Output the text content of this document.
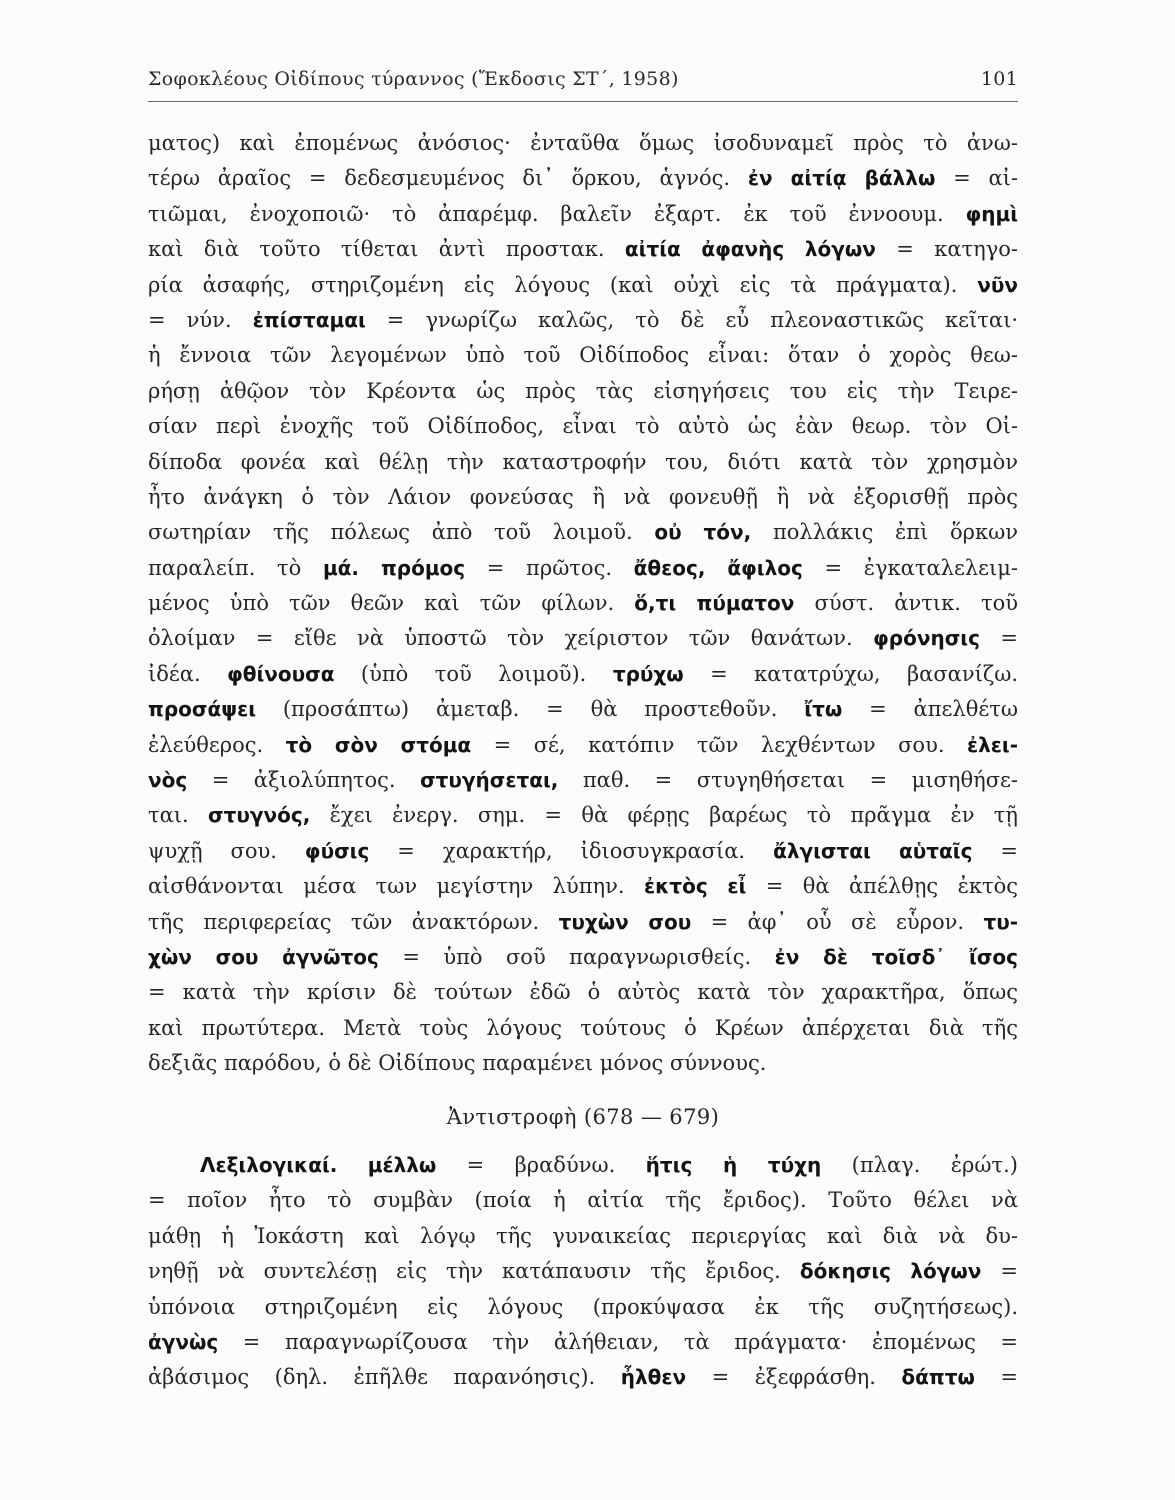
Σοφοκλέους Οἰδίπους τύραννος (Ἔκδοσις ΣΤ΄, 1958)	101
ματος) καὶ ἐπομένως ἀνόσιος· ἐνταῦθα ὅμως ἰσοδυναμεῖ πρὸς τὸ ἀνω-
τέρω ἀραῖος = δεδεσμευμένος δι᾿ ὅρκου, ἁγνός. ἐν αἰτίᾳ βάλλω = αἰ-
τιῶμαι, ἐνοχοποιῶ· τὸ ἀπαρέμφ. βαλεῖν ἐξαρτ. ἐκ τοῦ ἐννοουμ. φημὶ
καὶ διὰ τοῦτο τίθεται ἀντὶ προστακ. αἰτία ἀφανὴς λόγων = κατηγο-
ρία ἀσαφής, στηριζομένη εἰς λόγους (καὶ οὐχὶ εἰς τὰ πράγματα). νῦν
= νύν. ἐπίσταμαι = γνωρίζω καλῶς, τὸ δὲ εὖ πλεοναστικῶς κεῖται·
ἡ ἔννοια τῶν λεγομένων ὑπὸ τοῦ Οἰδίποδος εἶναι: ὅταν ὁ χορὸς θεω-
ρήσῃ ἀθῷον τὸν Κρέοντα ὡς πρὸς τὰς εἰσηγήσεις του εἰς τὴν Τειρε-
σίαν περὶ ἐνοχῆς τοῦ Οἰδίποδος, εἶναι τὸ αὐτὸ ὡς ἐὰν θεωρ. τὸν Οἰ-
δίποδα φονέα καὶ θέλῃ τὴν καταστροφήν του, διότι κατὰ τὸν χρησμὸν
ἦτο ἀνάγκη ὁ τὸν Λάιον φονεύσας ἢ νὰ φονευθῇ ἢ νὰ ἐξορισθῇ πρὸς
σωτηρίαν τῆς πόλεως ἀπὸ τοῦ λοιμοῦ. οὐ τόν, πολλάκις ἐπὶ ὅρκων
παραλείπ. τὸ μά. πρόμος = πρῶτος. ἄθεος, ἄφιλος = ἐγκαταλελειμ-
μένος ὑπὸ τῶν θεῶν καὶ τῶν φίλων. ὅ,τι πύματον σύστ. ἀντικ. τοῦ
ὀλοίμαν = εἴθε νὰ ὑποστῶ τὸν χείριστον τῶν θανάτων. φρόνησις =
ἰδέα. φθίνουσα (ὑπὸ τοῦ λοιμοῦ). τρύχω = κατατρύχω, βασανίζω.
προσάψει (προσάπτω) ἀμεταβ. = θὰ προστεθοῦν. ἴτω = ἀπελθέτω
ἐλεύθερος. τὸ σὸν στόμα = σέ, κατόπιν τῶν λεχθέντων σου. ἐλει-
νὸς = ἀξιολύπητος. στυγήσεται, παθ. = στυγηθήσεται = μισηθήσε-
ται. στυγνός, ἔχει ἐνεργ. σημ. = θὰ φέρῃς βαρέως τὸ πρᾶγμα ἐν τῇ
ψυχῇ σου. φύσις = χαρακτήρ, ἰδιοσυγκρασία. ἄλγισται αὑταῖς =
αἰσθάνονται μέσα των μεγίστην λύπην. ἐκτὸς εἶ = θὰ ἀπέλθῃς ἐκτὸς
τῆς περιφερείας τῶν ἀνακτόρων. τυχὼν σου = ἀφ᾿ οὗ σὲ εὗρον. τυ-
χὼν σου ἀγνῶτος = ὑπὸ σοῦ παραγνωρισθείς. ἐν δὲ τοῖσδ᾿ ἴσος
= κατὰ τὴν κρίσιν δὲ τούτων ἐδῶ ὁ αὐτὸς κατὰ τὸν χαρακτῆρα, ὅπως
καὶ πρωτύτερα. Μετὰ τοὺς λόγους τούτους ὁ Κρέων ἀπέρχεται διὰ τῆς
δεξιᾶς παρόδου, ὁ δὲ Οἰδίπους παραμένει μόνος σύννους.
Ἀντιστροφὴ (678 — 679)
Λεξιλογικαί. μέλλω = βραδύνω. ἥτις ἡ τύχη (πλαγ. ἐρώτ.)
= ποῖον ἦτο τὸ συμβὰν (ποία ἡ αἰτία τῆς ἔριδος). Τοῦτο θέλει νὰ
μάθῃ ἡ Ἰοκάστη καὶ λόγῳ τῆς γυναικείας περιεργίας καὶ διὰ νὰ δυ-
νηθῇ νὰ συντελέσῃ εἰς τὴν κατάπαυσιν τῆς ἔριδος. δόκησις λόγων =
ὑπόνοια στηριζομένη εἰς λόγους (προκύψασα ἐκ τῆς συζητήσεως).
ἀγνὼς = παραγνωρίζουσα τὴν ἀλήθειαν, τὰ πράγματα· ἐπομένως =
ἀβάσιμος (δηλ. ἐπῆλθε παρανόησις). ἦλθεν = ἐξεφράσθη. δάπτω =
